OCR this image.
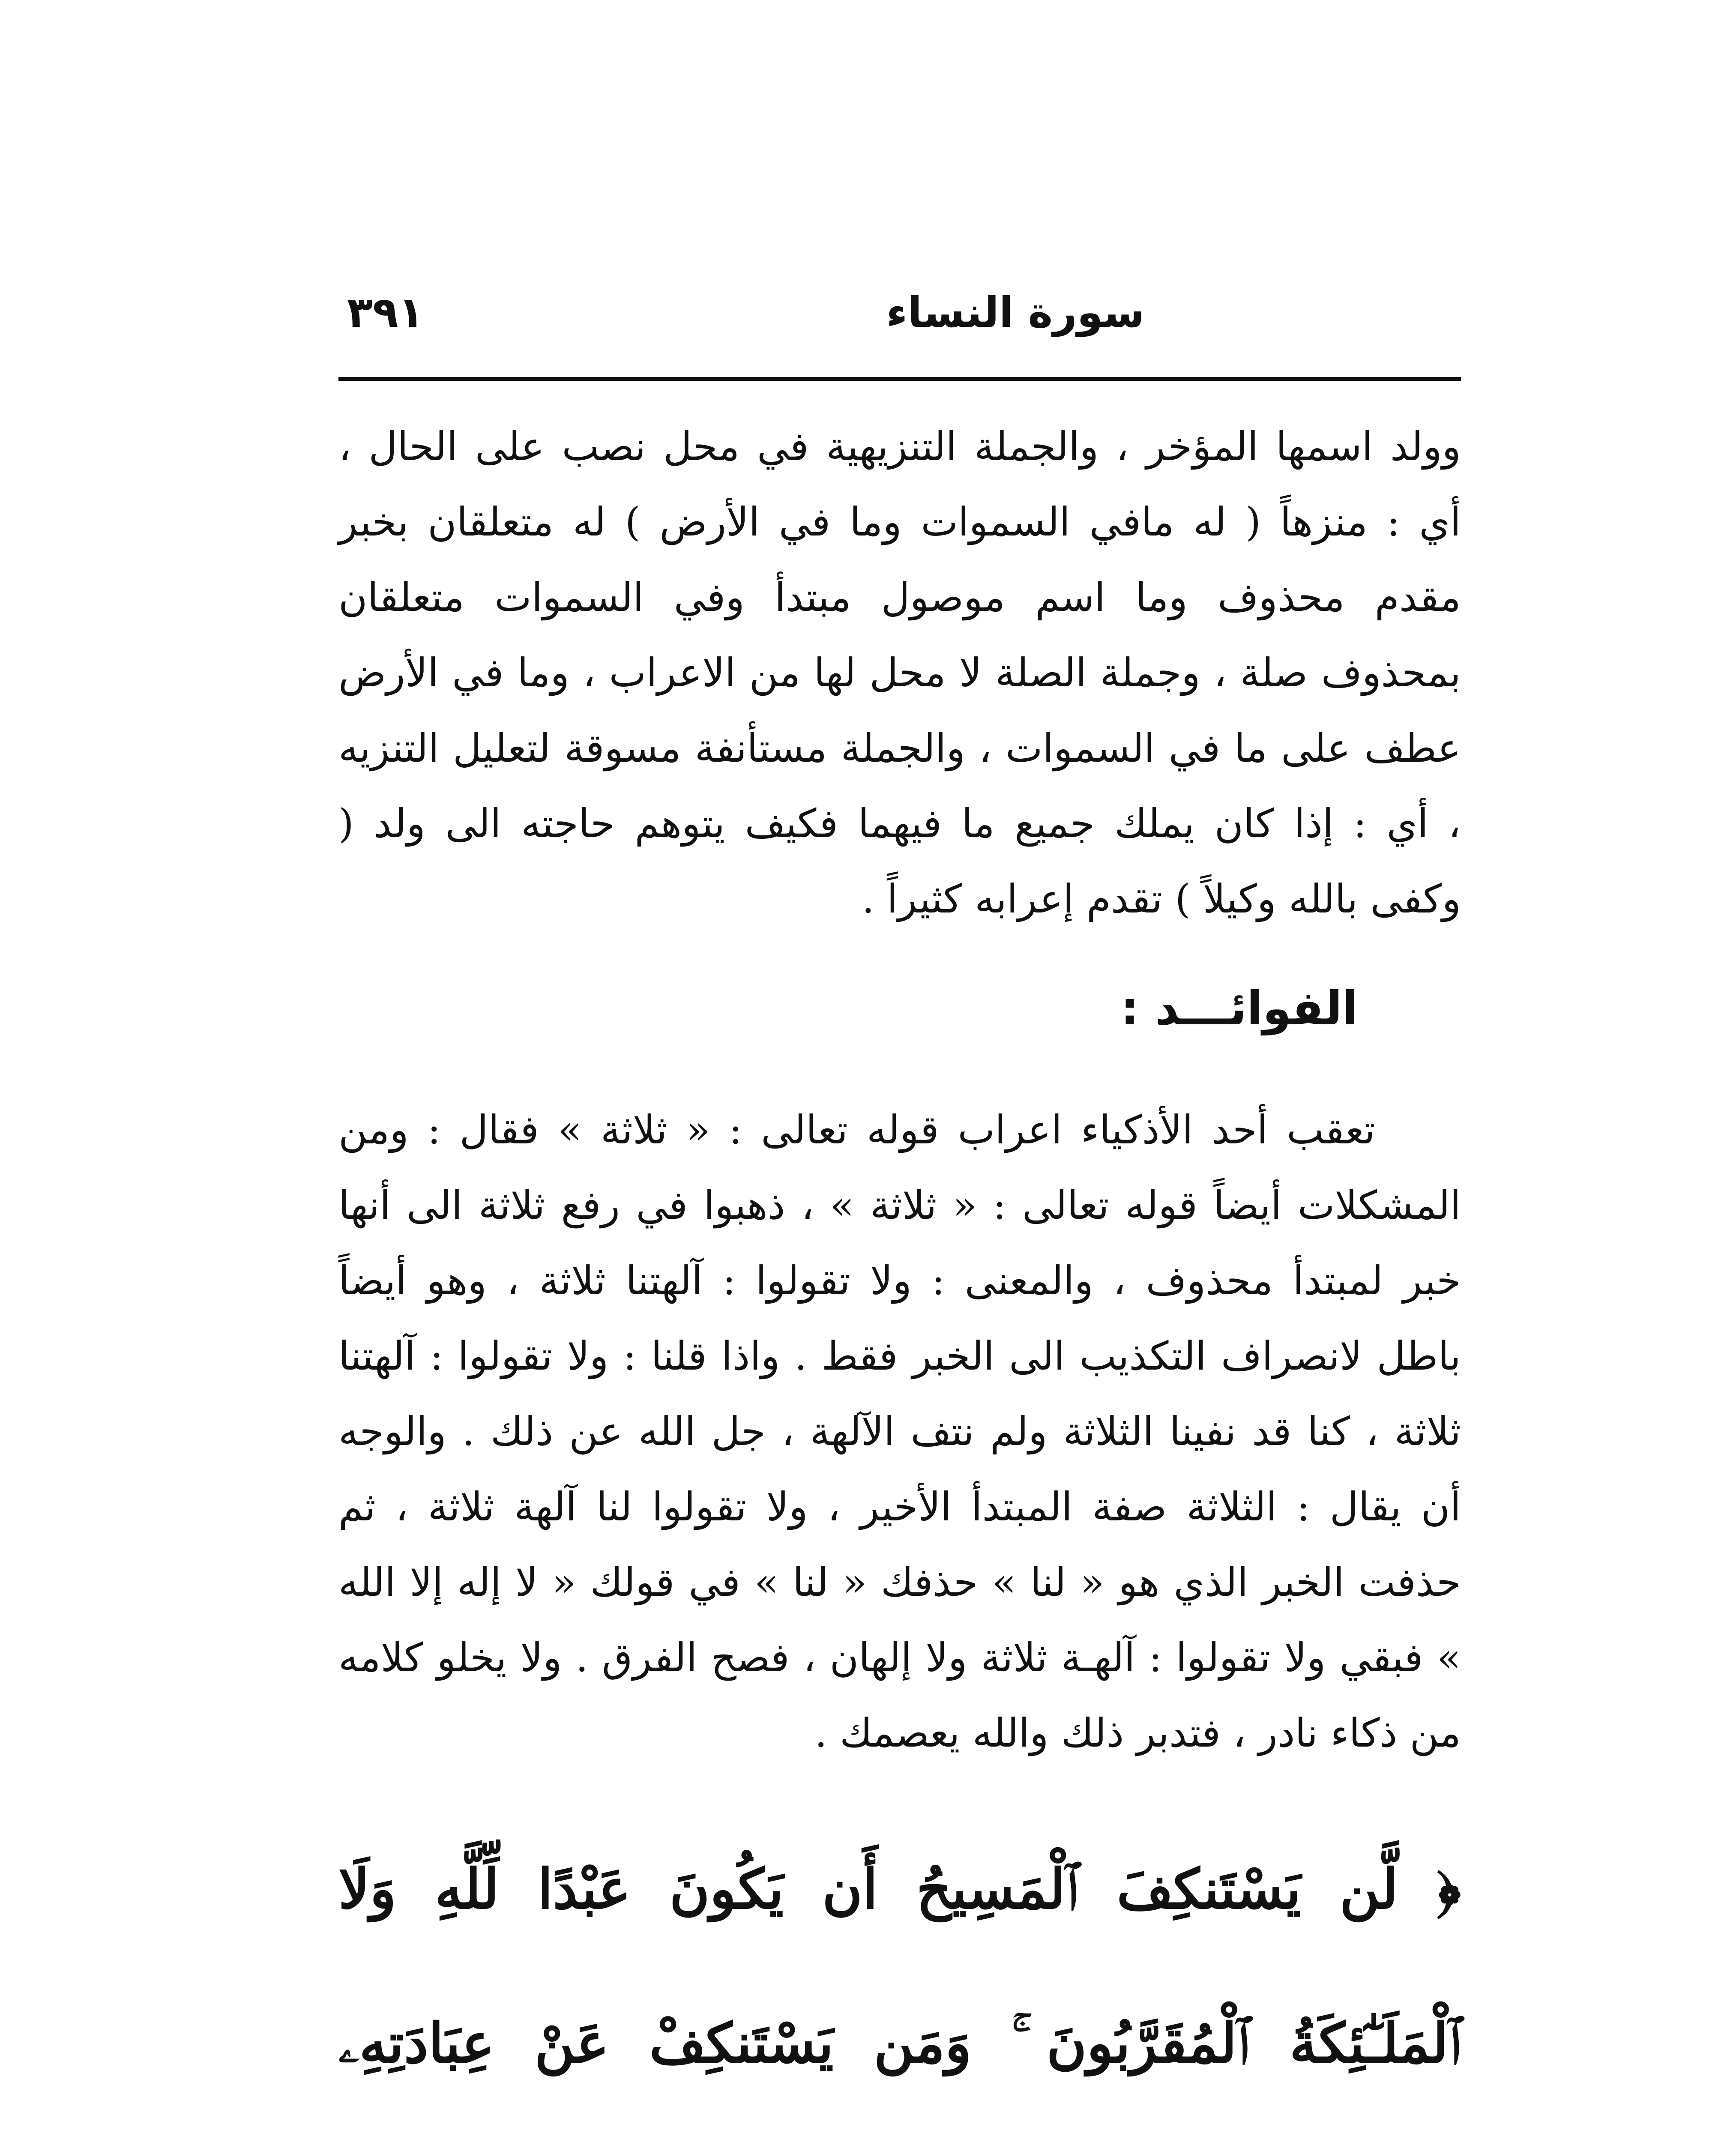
٣٩١	سورة النساء

وولد اسمها المؤخر ، والجملة التنزيهية في محل نصب على الحال ، أي : منزهاً ( له مافي السموات وما في الأرض ) له متعلقان بخبر مقدم محذوف وما اسم موصول مبتدأ وفي السموات متعلقان بمحذوف صلة ، وجملة الصلة لا محل لها من الاعراب ، وما في الأرض عطف على ما في السموات ، والجملة مستأنفة مسوقة لتعليل التنزيه ، أي : إذا كان يملك جميع ما فيهما فكيف يتوهم حاجته الى ولد ( وكفى بالله وكيلاً ) تقدم إعرابه كثيراً .

الفوائـــد :

تعقب أحد الأذكياء اعراب قوله تعالى : « ثلاثة » فقال : ومن المشكلات أيضاً قوله تعالى : « ثلاثة » ، ذهبوا في رفع ثلاثة الى أنها خبر لمبتدأ محذوف ، والمعنى : ولا تقولوا : آلهتنا ثلاثة ، وهو أيضاً باطل لانصراف التكذيب الى الخبر فقط . واذا قلنا : ولا تقولوا : آلهتنا ثلاثة ، كنا قد نفينا الثلاثة ولم نتف الآلهة ، جل الله عن ذلك . والوجه أن يقال : الثلاثة صفة المبتدأ الأخير ، ولا تقولوا لنا آلهة ثلاثة ، ثم حذفت الخبر الذي هو « لنا » حذفك « لنا » في قولك « لا إله إلا الله » فبقي ولا تقولوا : آلهـة ثلاثة ولا إلهان ، فصح الفرق . ولا يخلو كلامه من ذكاء نادر ، فتدبر ذلك والله يعصمك .

﴿ لَّن يَسْتَنكِفَ ٱلْمَسِيحُ أَن يَكُونَ عَبْدًا لِّلَّهِ وَلَا ٱلْمَلَـٰٓئِكَةُ ٱلْمُقَرَّبُونَ ۚ وَمَن يَسْتَنكِفْ عَنْ عِبَادَتِهِۦ
